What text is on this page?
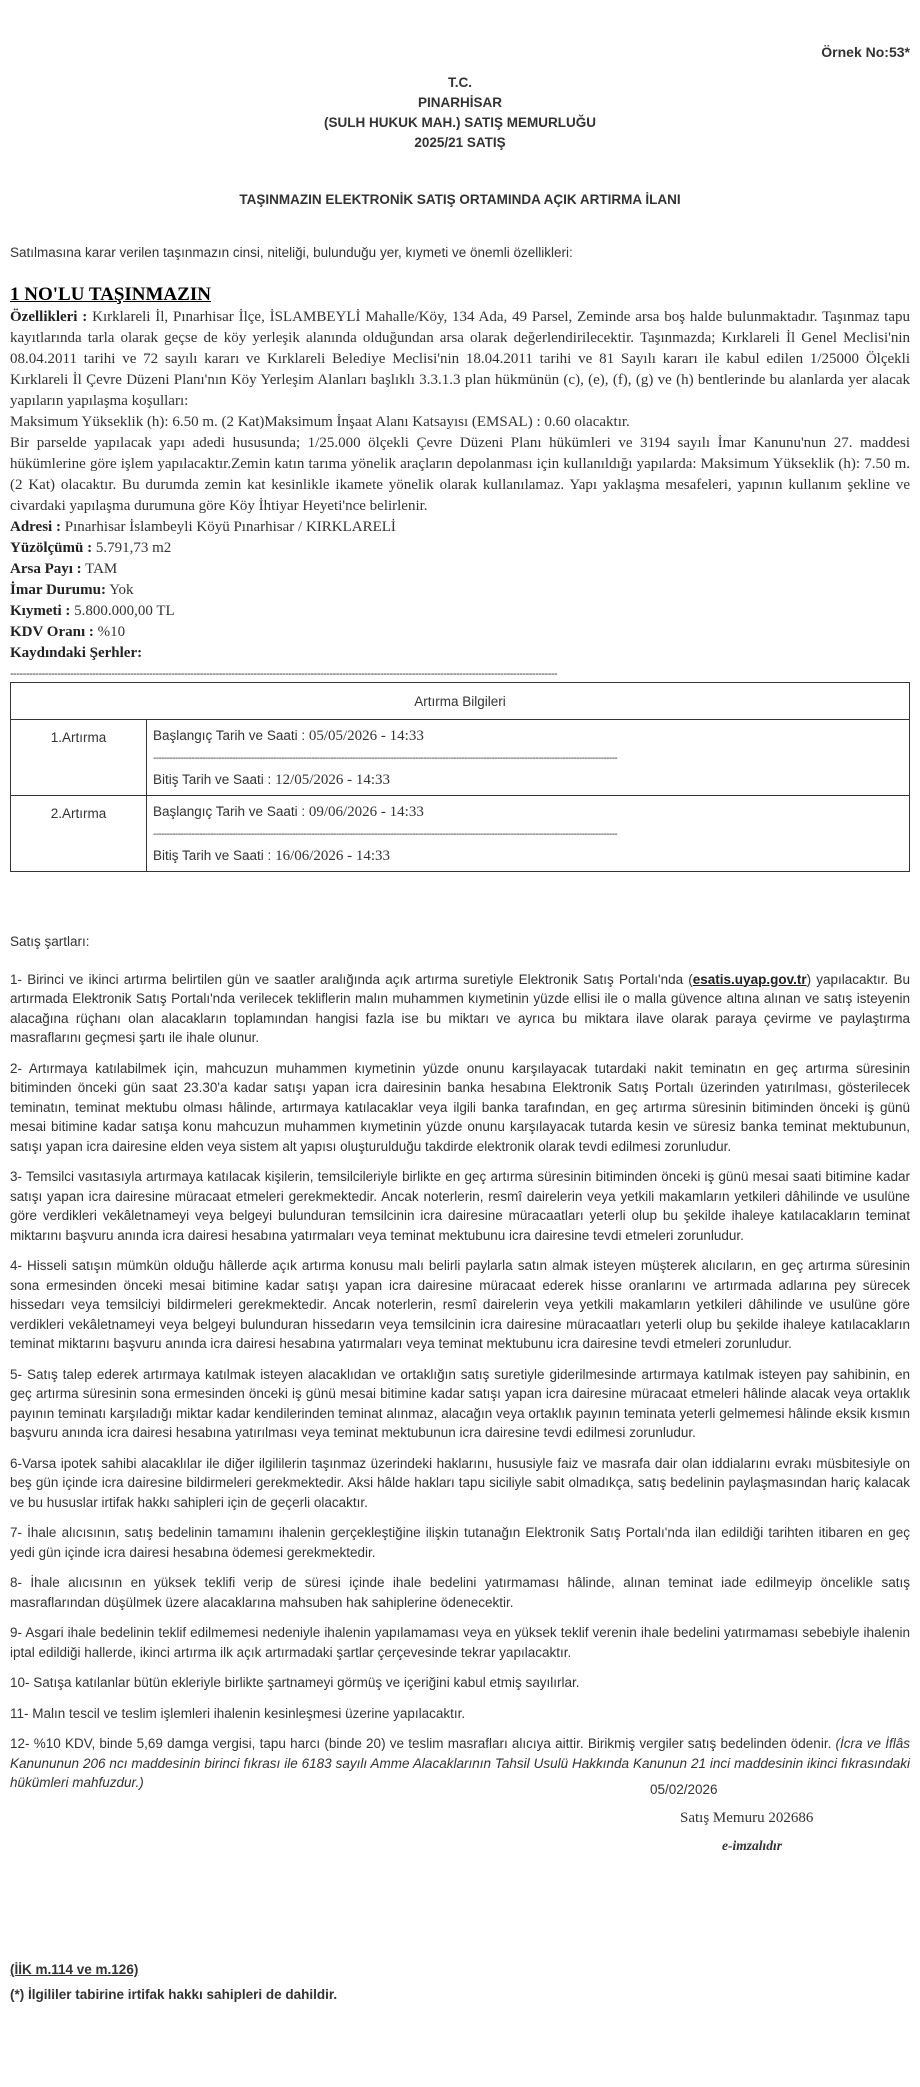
Örnek No:53*
T.C.
PINARHİSAR
(SULH HUKUK MAH.) SATIŞ MEMURLUĞU
2025/21 SATIŞ
TAŞINMAZIN ELEKTRONİK SATIŞ ORTAMINDA AÇIK ARTIRMA İLANI
Satılmasına karar verilen taşınmazın cinsi, niteliği, bulunduğu yer, kıymeti ve önemli özellikleri:
1 NO'LU TAŞINMAZIN

Özellikleri : Kırklareli İl, Pınarhisar İlçe, İSLAMBEYLİ Mahalle/Köy, 134 Ada, 49 Parsel, Zeminde arsa boş halde bulunmaktadır. Taşınmaz tapu kayıtlarında tarla olarak geçse de köy yerleşik alanında olduğundan arsa olarak değerlendirilecektir. Taşınmazda; Kırklareli İl Genel Meclisi'nin 08.04.2011 tarihi ve 72 sayılı kararı ve Kırklareli Belediye Meclisi'nin 18.04.2011 tarihi ve 81 Sayılı kararı ile kabul edilen 1/25000 Ölçekli Kırklareli İl Çevre Düzeni Planı'nın Köy Yerleşim Alanları başlıklı 3.3.1.3 plan hükmünün (c), (e), (f), (g) ve (h) bentlerinde bu alanlarda yer alacak yapıların yapılaşma koşulları:

Maksimum Yükseklik (h): 6.50 m. (2 Kat)Maksimum İnşaat Alanı Katsayısı (EMSAL) : 0.60 olacaktır.

Bir parselde yapılacak yapı adedi hususunda; 1/25.000 ölçekli Çevre Düzeni Planı hükümleri ve 3194 sayılı İmar Kanunu'nun 27. maddesi hükümlerine göre işlem yapılacaktır.Zemin katın tarıma yönelik araçların depolanması için kullanıldığı yapılarda: Maksimum Yükseklik (h): 7.50 m. (2 Kat) olacaktır. Bu durumda zemin kat kesinlikle ikamete yönelik olarak kullanılamaz. Yapı yaklaşma mesafeleri, yapının kullanım şekline ve civardaki yapılaşma durumuna göre Köy İhtiyar Heyeti'nce belirlenir.

Adresi : Pınarhisar İslambeyli Köyü Pınarhisar / KIRKLARELİ

Yüzölçümü : 5.791,73 m2

Arsa Payı : TAM

İmar Durumu: Yok

Kıymeti : 5.800.000,00 TL

KDV Oranı : %10

Kaydındaki Şerhler:

-----------------------------------------------------------------------------------------------------------------------------------------------------------------------------
Artırma Bilgileri	
1.Artırma	Başlangıç Tarih ve Saati : 05/05/2026 - 14:33
--------------------------------------------------------------------------------------------------------------------------------------------------------------------------
Bitiş Tarih ve Saati : 12/05/2026 - 14:33

2.Artırma	Başlangıç Tarih ve Saati : 09/06/2026 - 14:33
--------------------------------------------------------------------------------------------------------------------------------------------------------------------------
Bitiş Tarih ve Saati : 16/06/2026 - 14:33
Satış şartları:

1- Birinci ve ikinci artırma belirtilen gün ve saatler aralığında açık artırma suretiyle Elektronik Satış Portalı'nda (esatis.uyap.gov.tr) yapılacaktır. Bu artırmada Elektronik Satış Portalı'nda verilecek tekliflerin malın muhammen kıymetinin yüzde ellisi ile o malla güvence altına alınan ve satış isteyenin alacağına rüçhanı olan alacakların toplamından hangisi fazla ise bu miktarı ve ayrıca bu miktara ilave olarak paraya çevirme ve paylaştırma masraflarını geçmesi şartı ile ihale olunur.

2- Artırmaya katılabilmek için, mahcuzun muhammen kıymetinin yüzde onunu karşılayacak tutardaki nakit teminatın en geç artırma süresinin bitiminden önceki gün saat 23.30'a kadar satışı yapan icra dairesinin banka hesabına Elektronik Satış Portalı üzerinden yatırılması, gösterilecek teminatın, teminat mektubu olması hâlinde, artırmaya katılacaklar veya ilgili banka tarafından, en geç artırma süresinin bitiminden önceki iş günü mesai bitimine kadar satışa konu mahcuzun muhammen kıymetinin yüzde onunu karşılayacak tutarda kesin ve süresiz banka teminat mektubunun, satışı yapan icra dairesine elden veya sistem alt yapısı oluşturulduğu takdirde elektronik olarak tevdi edilmesi zorunludur.

3- Temsilci vasıtasıyla artırmaya katılacak kişilerin, temsilcileriyle birlikte en geç artırma süresinin bitiminden önceki iş günü mesai saati bitimine kadar satışı yapan icra dairesine müracaat etmeleri gerekmektedir. Ancak noterlerin, resmî dairelerin veya yetkili makamların yetkileri dâhilinde ve usulüne göre verdikleri vekâletnameyi veya belgeyi bulunduran temsilcinin icra dairesine müracaatları yeterli olup bu şekilde ihaleye katılacakların teminat miktarını başvuru anında icra dairesi hesabına yatırmaları veya teminat mektubunu icra dairesine tevdi etmeleri zorunludur.

4- Hisseli satışın mümkün olduğu hâllerde açık artırma konusu malı belirli paylarla satın almak isteyen müşterek alıcıların, en geç artırma süresinin sona ermesinden önceki mesai bitimine kadar satışı yapan icra dairesine müracaat ederek hisse oranlarını ve artırmada adlarına pey sürecek hissedarı veya temsilciyi bildirmeleri gerekmektedir. Ancak noterlerin, resmî dairelerin veya yetkili makamların yetkileri dâhilinde ve usulüne göre verdikleri vekâletnameyi veya belgeyi bulunduran hissedarın veya temsilcinin icra dairesine müracaatları yeterli olup bu şekilde ihaleye katılacakların teminat miktarını başvuru anında icra dairesi hesabına yatırmaları veya teminat mektubunu icra dairesine tevdi etmeleri zorunludur.

5- Satış talep ederek artırmaya katılmak isteyen alacaklıdan ve ortaklığın satış suretiyle giderilmesinde artırmaya katılmak isteyen pay sahibinin, en geç artırma süresinin sona ermesinden önceki iş günü mesai bitimine kadar satışı yapan icra dairesine müracaat etmeleri hâlinde alacak veya ortaklık payının teminatı karşıladığı miktar kadar kendilerinden teminat alınmaz, alacağın veya ortaklık payının teminata yeterli gelmemesi hâlinde eksik kısmın başvuru anında icra dairesi hesabına yatırılması veya teminat mektubunun icra dairesine tevdi edilmesi zorunludur.

6-Varsa ipotek sahibi alacaklılar ile diğer ilgililerin taşınmaz üzerindeki haklarını, hususiyle faiz ve masrafa dair olan iddialarını evrakı müsbitesiyle on beş gün içinde icra dairesine bildirmeleri gerekmektedir. Aksi hâlde hakları tapu siciliyle sabit olmadıkça, satış bedelinin paylaşmasından hariç kalacak ve bu hususlar irtifak hakkı sahipleri için de geçerli olacaktır.

7- İhale alıcısının, satış bedelinin tamamını ihalenin gerçekleştiğine ilişkin tutanağın Elektronik Satış Portalı'nda ilan edildiği tarihten itibaren en geç yedi gün içinde icra dairesi hesabına ödemesi gerekmektedir.

8- İhale alıcısının en yüksek teklifi verip de süresi içinde ihale bedelini yatırmaması hâlinde, alınan teminat iade edilmeyip öncelikle satış masraflarından düşülmek üzere alacaklarına mahsuben hak sahiplerine ödenecektir.

9- Asgari ihale bedelinin teklif edilmemesi nedeniyle ihalenin yapılamaması veya en yüksek teklif verenin ihale bedelini yatırmaması sebebiyle ihalenin iptal edildiği hallerde, ikinci artırma ilk açık artırmadaki şartlar çerçevesinde tekrar yapılacaktır.

10- Satışa katılanlar bütün ekleriyle birlikte şartnameyi görmüş ve içeriğini kabul etmiş sayılırlar.

11- Malın tescil ve teslim işlemleri ihalenin kesinleşmesi üzerine yapılacaktır.

12- %10 KDV, binde 5,69 damga vergisi, tapu harcı (binde 20) ve teslim masrafları alıcıya aittir. Birikmiş vergiler satış bedelinden ödenir. (İcra ve İflâs Kanununun 206 ncı maddesinin birinci fıkrası ile 6183 sayılı Amme Alacaklarının Tahsil Usulü Hakkında Kanunun 21 inci maddesinin ikinci fıkrasındaki hükümleri mahfuzdur.)	05/02/2026
Satış Memuru 202686
e-imzalıdır
(İİK m.114 ve m.126)
(*) İlgililer tabirine irtifak hakkı sahipleri de dahildir.
